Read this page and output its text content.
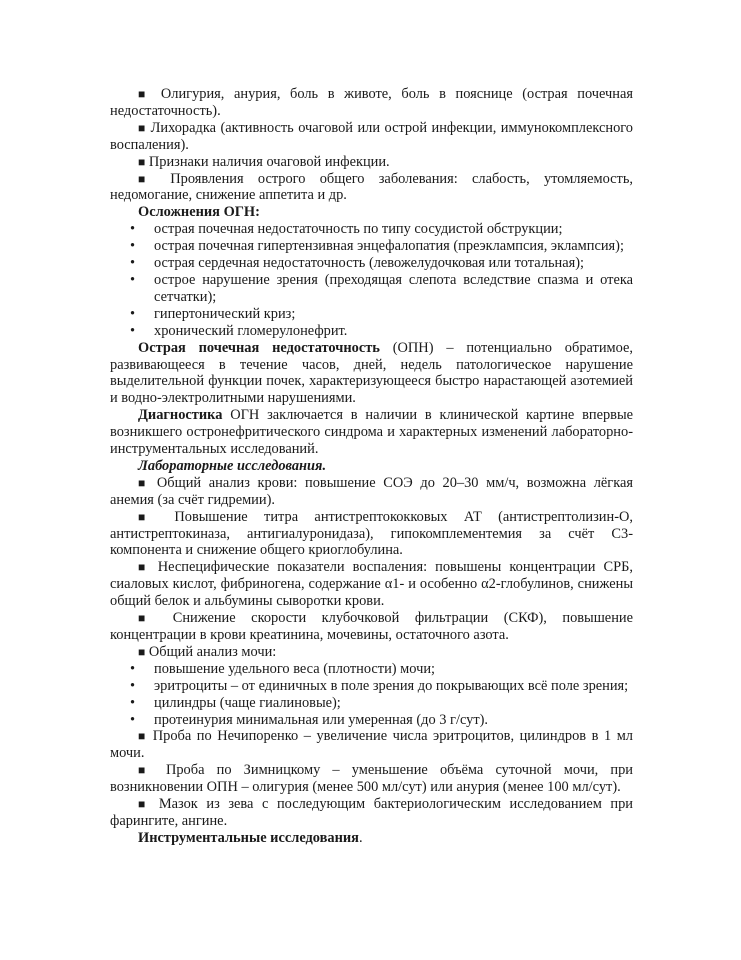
■ Олигурия, анурия, боль в животе, боль в пояснице (острая почечная недостаточность).

■ Лихорадка (активность очаговой или острой инфекции, иммунокомплексного воспаления).

■ Признаки наличия очаговой инфекции.

■ Проявления острого общего заболевания: слабость, утомляемость, недомогание, снижение аппетита и др.

Осложнения ОГН:
• острая почечная недостаточность по типу сосудистой обструкции;
• острая почечная гипертензивная энцефалопатия (преэклампсия, эклампсия);
• острая сердечная недостаточность (левожелудочковая или тотальная);
• острое нарушение зрения (преходящая слепота вследствие спазма и отека сетчатки);
• гипертонический криз;
• хронический гломерулонефрит.

Острая почечная недостаточность (ОПН) – потенциально обратимое, развивающееся в течение часов, дней, недель патологическое нарушение выделительной функции почек, характеризующееся быстро нарастающей азотемией и водно-электролитными нарушениями.

Диагностика ОГН заключается в наличии в клинической картине впервые возникшего остронефритического синдрома и характерных изменений лабораторно-инструментальных исследований.

Лабораторные исследования.

■ Общий анализ крови: повышение СОЭ до 20–30 мм/ч, возможна лёгкая анемия (за счёт гидремии).

■ Повышение титра антистрептококковых АТ (антистрептолизин-О, антистрептокиназа, антигиалуронидаза), гипокомплементемия за счёт С3-компонента и снижение общего криоглобулина.

■ Неспецифические показатели воспаления: повышены концентрации СРБ, сиаловых кислот, фибриногена, содержание α1- и особенно α2-глобулинов, снижены общий белок и альбумины сыворотки крови.

■ Снижение скорости клубочковой фильтрации (СКФ), повышение концентрации в крови креатинина, мочевины, остаточного азота.

■ Общий анализ мочи:

• повышение удельного веса (плотности) мочи;
• эритроциты – от единичных в поле зрения до покрывающих всё поле зрения;
• цилиндры (чаще гиалиновые);
• протеинурия минимальная или умеренная (до 3 г/сут).

■ Проба по Нечипоренко – увеличение числа эритроцитов, цилиндров в 1 мл мочи.

■ Проба по Зимницкому – уменьшение объёма суточной мочи, при возникновении ОПН – олигурия (менее 500 мл/сут) или анурия (менее 100 мл/сут).

■ Мазок из зева с последующим бактериологическим исследованием при фарингите, ангине.

Инструментальные исследования.
